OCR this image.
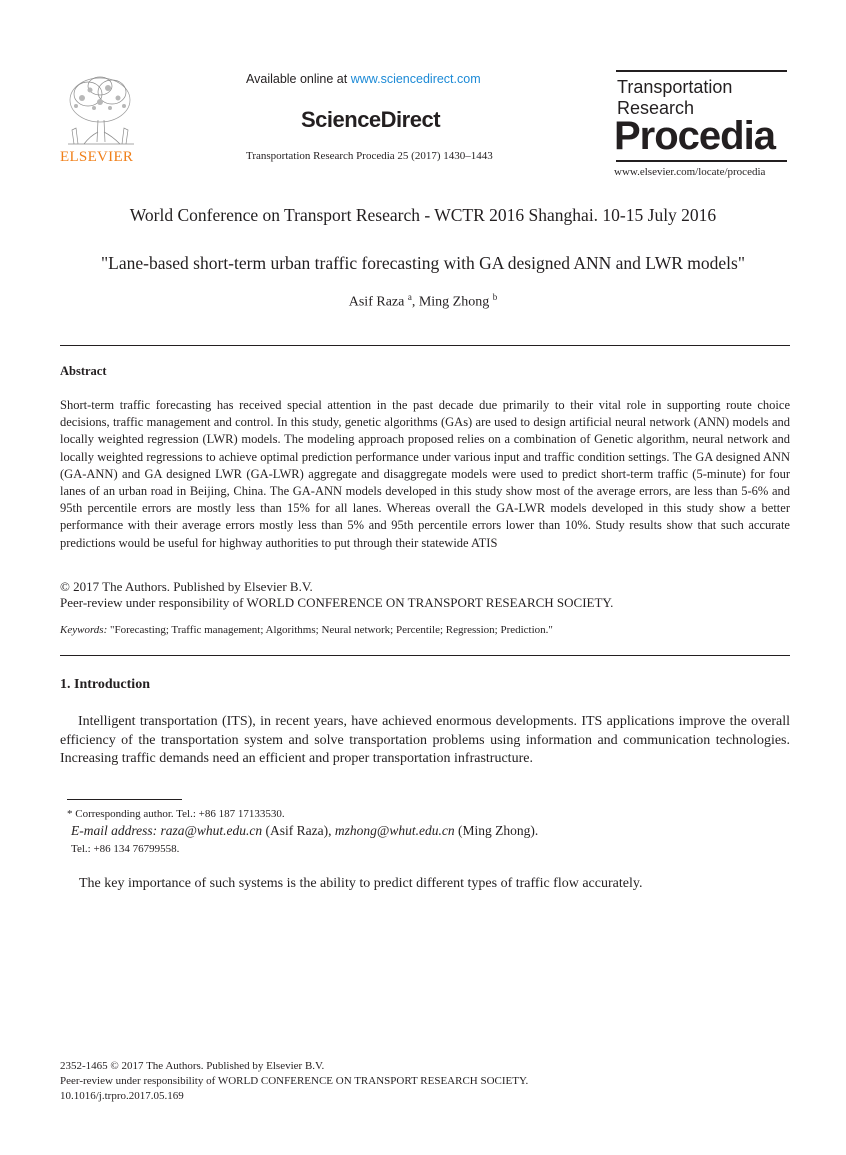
ELSEVIER
Available online at www.sciencedirect.com
ScienceDirect
Transportation Research Procedia 25 (2017) 1430–1443
Transportation
Research
Procedia
www.elsevier.com/locate/procedia
World Conference on Transport Research - WCTR 2016 Shanghai. 10-15 July 2016
"Lane-based short-term urban traffic forecasting with GA designed ANN and LWR models"
Asif Raza $^a$, Ming Zhong $^b$
Abstract
Short-term traffic forecasting has received special attention in the past decade due primarily to their vital role in supporting route choice decisions, traffic management and control. In this study, genetic algorithms (GAs) are used to design artificial neural network (ANN) models and locally weighted regression (LWR) models. The modeling approach proposed relies on a combination of Genetic algorithm, neural network and locally weighted regressions to achieve optimal prediction performance under various input and traffic condition settings. The GA designed ANN (GA-ANN) and GA designed LWR (GA-LWR) aggregate and disaggregate models were used to predict short-term traffic (5-minute) for four lanes of an urban road in Beijing, China. The GA-ANN models developed in this study show most of the average errors, are less than 5-6% and 95th percentile errors are mostly less than 15% for all lanes. Whereas overall the GA-LWR models developed in this study show a better performance with their average errors mostly less than 5% and 95th percentile errors lower than 10%. Study results show that such accurate predictions would be useful for highway authorities to put through their statewide ATIS
© 2017 The Authors. Published by Elsevier B.V.
Peer-review under responsibility of WORLD CONFERENCE ON TRANSPORT RESEARCH SOCIETY.
Keywords: "Forecasting; Traffic management; Algorithms; Neural network; Percentile; Regression; Prediction."
1. Introduction
Intelligent transportation (ITS), in recent years, have achieved enormous developments. ITS applications improve the overall efficiency of the transportation system and solve transportation problems using information and communication technologies. Increasing traffic demands need an efficient and proper transportation infrastructure.
* Corresponding author. Tel.: +86 187 17133530.
E-mail address: raza@whut.edu.cn (Asif Raza), mzhong@whut.edu.cn (Ming Zhong).
Tel.: +86 134 76799558.
The key importance of such systems is the ability to predict different types of traffic flow accurately.
2352-1465 © 2017 The Authors. Published by Elsevier B.V.
Peer-review under responsibility of WORLD CONFERENCE ON TRANSPORT RESEARCH SOCIETY.
10.1016/j.trpro.2017.05.169
